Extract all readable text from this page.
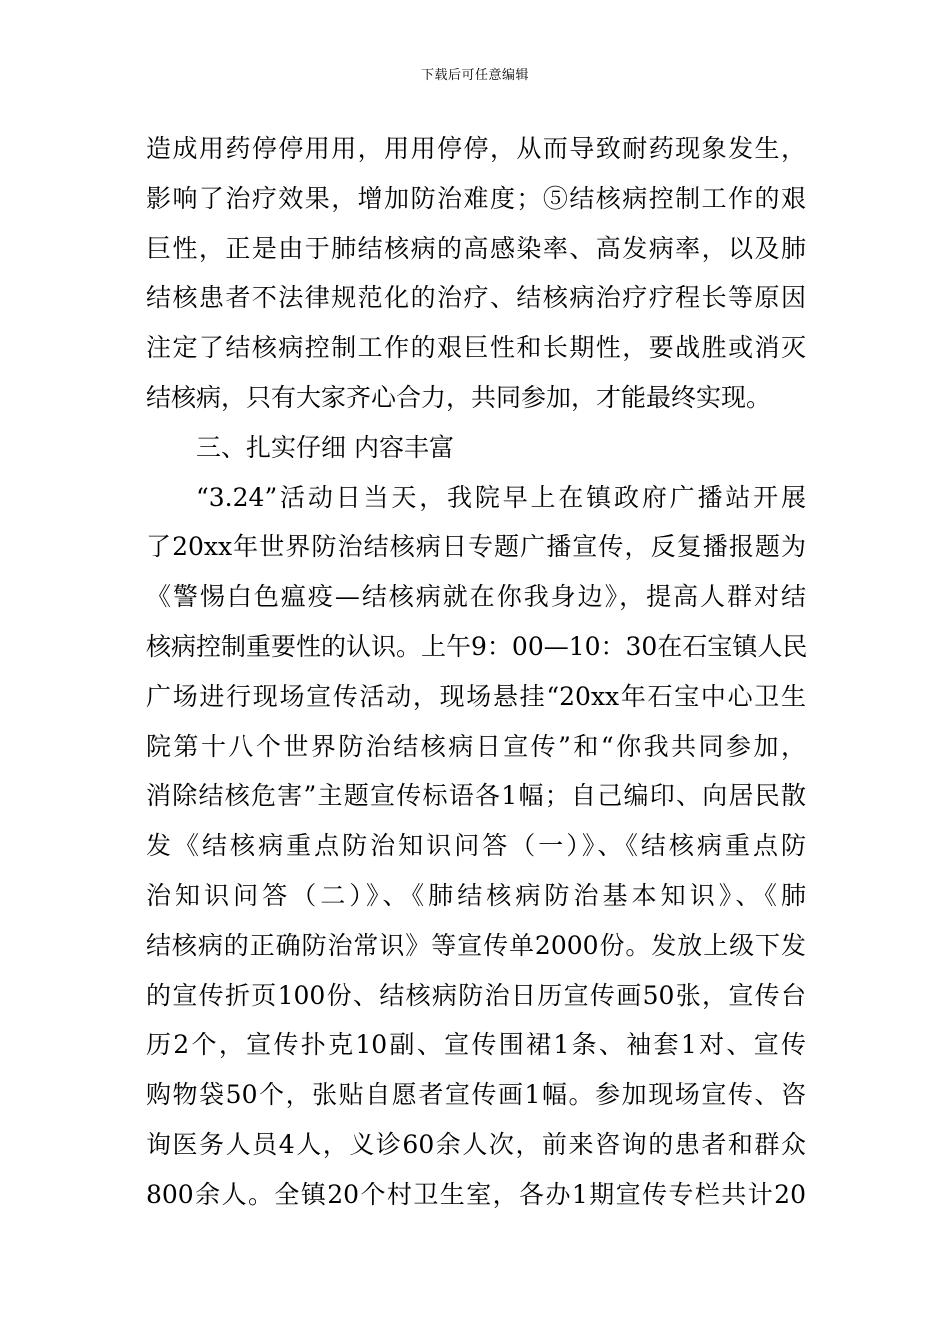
下载后可任意编辑
造成用药停停用用，用用停停，从而导致耐药现象发生，
影响了治疗效果，增加防治难度；⑤结核病控制工作的艰
巨性，正是由于肺结核病的高感染率、高发病率，以及肺
结核患者不法律规范化的治疗、结核病治疗疗程长等原因
注定了结核病控制工作的艰巨性和长期性，要战胜或消灭
结核病，只有大家齐心合力，共同参加，才能最终实现。
三、扎实仔细 内容丰富
“3.24”活动日当天，我院早上在镇政府广播站开展
了20xx年世界防治结核病日专题广播宣传，反复播报题为
《警惕白色瘟疫—结核病就在你我身边》，提高人群对结
核病控制重要性的认识。上午9：00—10：30在石宝镇人民
广场进行现场宣传活动，现场悬挂“20xx年石宝中心卫生
院第十八个世界防治结核病日宣传”和“你我共同参加，
消除结核危害”主题宣传标语各1幅；自己编印、向居民散
发《结核病重点防治知识问答（一）》、《结核病重点防
治知识问答（二）》、《肺结核病防治基本知识》、《肺
结核病的正确防治常识》等宣传单2000份。发放上级下发
的宣传折页100份、结核病防治日历宣传画50张，宣传台
历2个，宣传扑克10副、宣传围裙1条、袖套1对、宣传
购物袋50个，张贴自愿者宣传画1幅。参加现场宣传、咨
询医务人员4人，义诊60余人次，前来咨询的患者和群众
800余人。全镇20个村卫生室，各办1期宣传专栏共计20
